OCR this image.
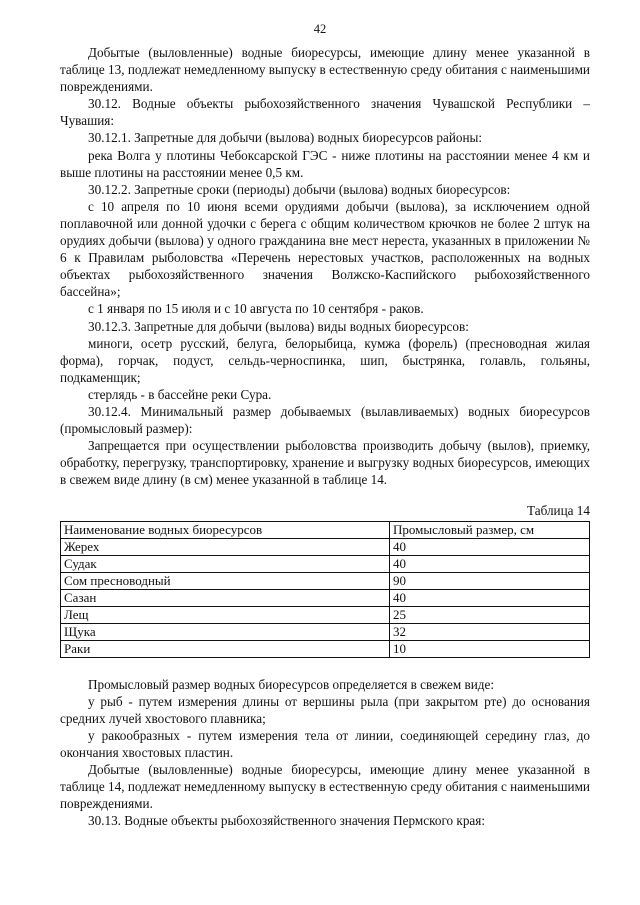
42

Добытые (выловленные) водные биоресурсы, имеющие длину менее указанной в таблице 13, подлежат немедленному выпуску в естественную среду обитания с наименьшими повреждениями.

30.12. Водные объекты рыбохозяйственного значения Чувашской Республики – Чувашия:

30.12.1. Запретные для добычи (вылова) водных биоресурсов районы:

река Волга у плотины Чебоксарской ГЭС - ниже плотины на расстоянии менее 4 км и выше плотины на расстоянии менее 0,5 км.

30.12.2. Запретные сроки (периоды) добычи (вылова) водных биоресурсов:

с 10 апреля по 10 июня всеми орудиями добычи (вылова), за исключением одной поплавочной или донной удочки с берега с общим количеством крючков не более 2 штук на орудиях добычи (вылова) у одного гражданина вне мест нереста, указанных в приложении № 6 к Правилам рыболовства «Перечень нерестовых участков, расположенных на водных объектах рыбохозяйственного значения Волжско-Каспийского рыбохозяйственного бассейна»;

с 1 января по 15 июля и с 10 августа по 10 сентября - раков.

30.12.3. Запретные для добычи (вылова) виды водных биоресурсов:

миноги, осетр русский, белуга, белорыбица, кумжа (форель) (пресноводная жилая форма), горчак, подуст, сельдь-черноспинка, шип, быстрянка, голавль, гольяны, подкаменщик;

стерлядь - в бассейне реки Сура.

30.12.4. Минимальный размер добываемых (вылавливаемых) водных биоресурсов (промысловый размер):

Запрещается при осуществлении рыболовства производить добычу (вылов), приемку, обработку, перегрузку, транспортировку, хранение и выгрузку водных биоресурсов, имеющих в свежем виде длину (в см) менее указанной в таблице 14.

Таблица 14

Наименование водных биоресурсов	Промысловый размер, см
Жерех	40
Судак	40
Сом пресноводный	90
Сазан	40
Лещ	25
Щука	32
Раки	10

Промысловый размер водных биоресурсов определяется в свежем виде:

у рыб - путем измерения длины от вершины рыла (при закрытом рте) до основания средних лучей хвостового плавника;

у ракообразных - путем измерения тела от линии, соединяющей середину глаз, до окончания хвостовых пластин.

Добытые (выловленные) водные биоресурсы, имеющие длину менее указанной в таблице 14, подлежат немедленному выпуску в естественную среду обитания с наименьшими повреждениями.

30.13. Водные объекты рыбохозяйственного значения Пермского края:
